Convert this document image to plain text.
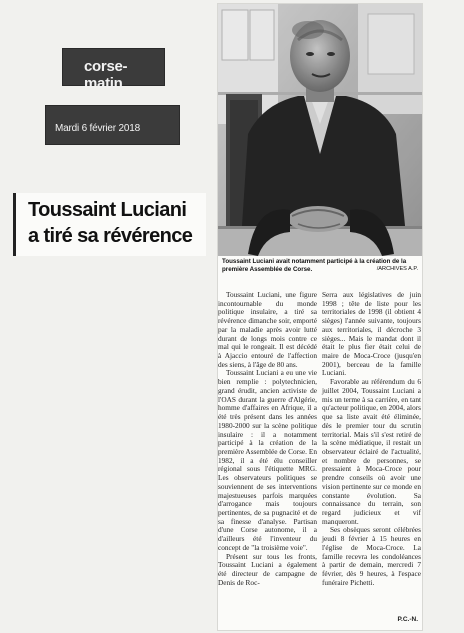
corse-matin
Mardi 6 février 2018
Toussaint Luciani
a tiré sa révérence
Toussaint Luciani avait notamment participé à la création de la première Assemblée de Corse.	/ARCHIVES A.P.

Toussaint Luciani, une figure incontournable du monde politique insulaire, a tiré sa révérence dimanche soir, emporté par la maladie après avoir lutté durant de longs mois contre ce mal qui le rongeait. Il est décédé à Ajaccio entouré de l'affection des siens, à l'âge de 80 ans.

Toussaint Luciani a eu une vie bien remplie : polytechnicien, grand érudit, ancien activiste de l'OAS durant la guerre d'Algérie, homme d'affaires en Afrique, il a été très présent dans les années 1980-2000 sur la scène politique insulaire : il a notamment participé à la création de la première Assemblée de Corse. En 1982, il a été élu conseiller régional sous l'étiquette MRG. Les observateurs politiques se souviennent de ses interventions majestueuses parfois marquées d'arrogance mais toujours pertinentes, de sa pugnacité et de sa finesse d'analyse. Partisan d'une Corse autonome, il a d'ailleurs été l'inventeur du concept de "la troisième voie".

Présent sur tous les fronts, Toussaint Luciani a également été directeur de campagne de Denis de Roc-

Serra aux législatives de juin 1998 ; tête de liste pour les territoriales de 1998 (il obtient 4 sièges) l'année suivante, toujours aux territoriales, il décroche 3 sièges... Mais le mandat dont il était le plus fier était celui de maire de Moca-Croce (jusqu'en 2001), berceau de la famille Luciani.

Favorable au référendum du 6 juillet 2004, Toussaint Luciani a mis un terme à sa carrière, en tant qu'acteur politique, en 2004, alors que sa liste avait été éliminée, dès le premier tour du scrutin territorial. Mais s'il s'est retiré de la scène médiatique, il restait un observateur éclairé de l'actualité, et nombre de personnes, se pressaient à Moca-Croce pour prendre conseils où avoir une vision pertinente sur ce monde en constante évolution. Sa connaissance du terrain, son regard judicieux et vif manqueront.

Ses obsèques seront célébrées jeudi 8 février à 15 heures en l'église de Moca-Croce. La famille recevra les condoléances à partir de demain, mercredi 7 février, dès 9 heures, à l'espace funéraire Pichetti.

P.C.-N.
